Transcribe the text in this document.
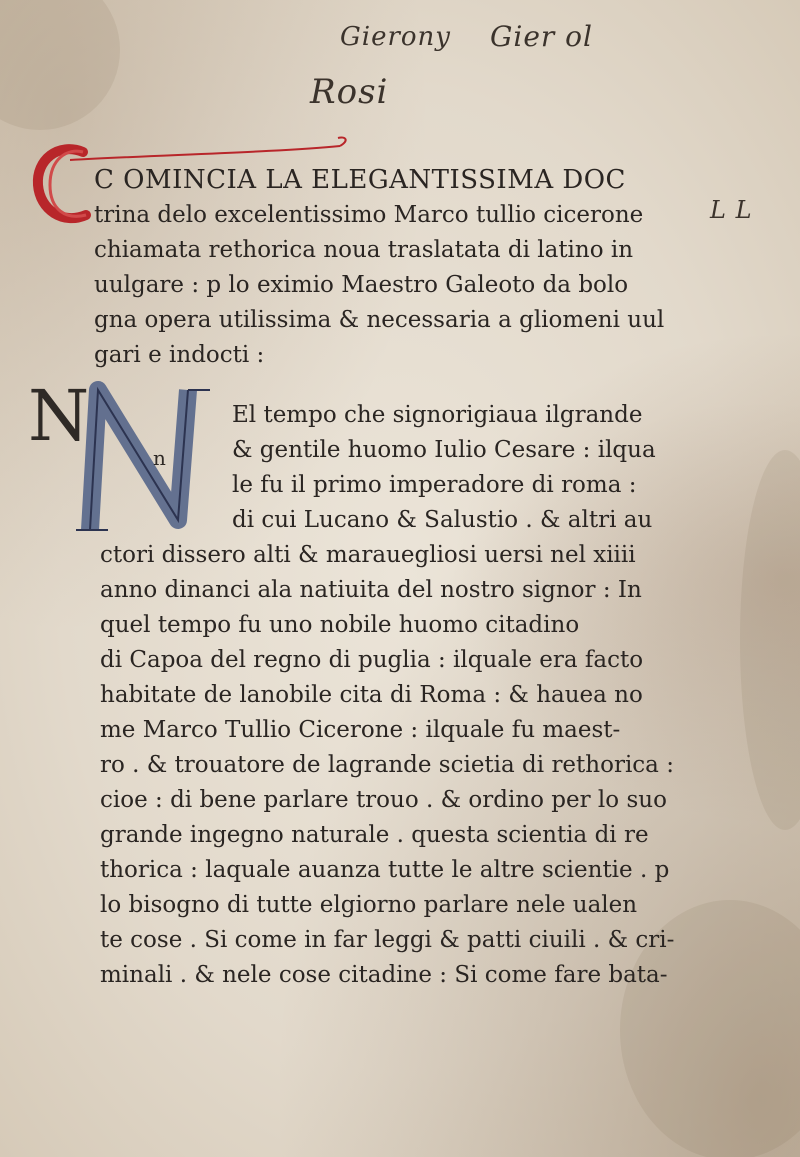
Gierony Gier ol
Rosi
L L
N
n
C OMINCIA LA ELEGANTISSIMA DOC
trina delo excelentissimo Marco tullio cicerone
chiamata rethorica noua traslatata di latino in
uulgare : p lo eximio Maestro Galeoto da bolo
gna opera utilissima & necessaria a gliomeni uul
gari e indocti :
El tempo che signorigiaua ilgrande
& gentile huomo Iulio Cesare : ilqua
le fu il primo imperadore di roma :
di cui Lucano & Salustio . & altri au
ctori dissero alti & marauegliosi uersi nel xiiii
anno dinanci ala natiuita del nostro signor : In
quel tempo fu uno nobile huomo citadino
di Capoa del regno di puglia : ilquale era facto
habitate de lanobile cita di Roma : & hauea no
me Marco Tullio Cicerone : ilquale fu maest-
ro . & trouatore de lagrande scietia di rethorica :
cioe : di bene parlare trouo . & ordino per lo suo
grande ingegno naturale . questa scientia di re
thorica : laquale auanza tutte le altre scientie . p
lo bisogno di tutte elgiorno parlare nele ualen
te cose . Si come in far leggi & patti ciuili . & cri-
minali . & nele cose citadine : Si come fare bata-
